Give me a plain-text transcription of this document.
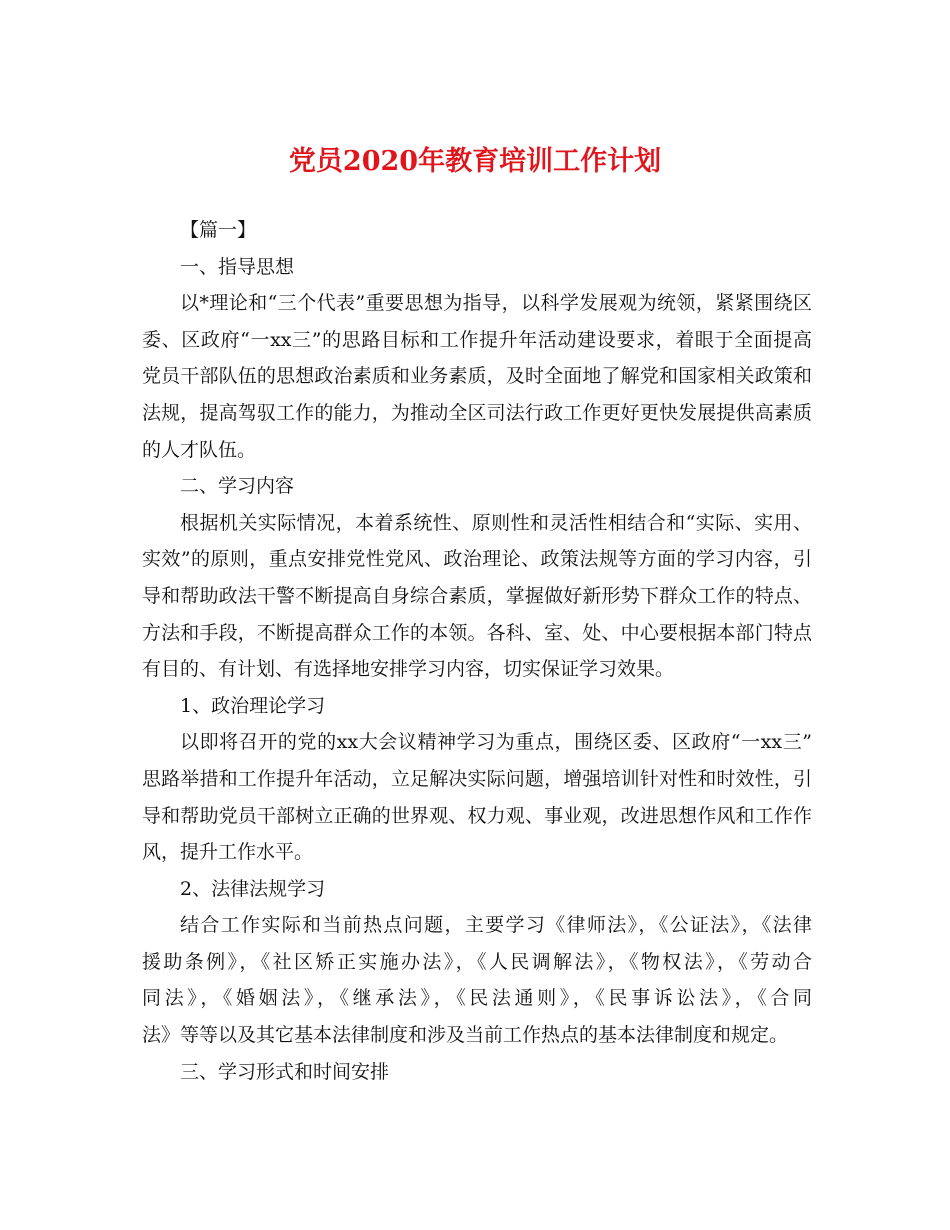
党员2020年教育培训工作计划

【篇一】

一、指导思想

以*理论和“三个代表”重要思想为指导，以科学发展观为统领，紧紧围绕区

委、区政府“一xx三”的思路目标和工作提升年活动建设要求，着眼于全面提高

党员干部队伍的思想政治素质和业务素质，及时全面地了解党和国家相关政策和

法规，提高驾驭工作的能力，为推动全区司法行政工作更好更快发展提供高素质

的人才队伍。

二、学习内容

根据机关实际情况，本着系统性、原则性和灵活性相结合和“实际、实用、

实效”的原则，重点安排党性党风、政治理论、政策法规等方面的学习内容，引

导和帮助政法干警不断提高自身综合素质，掌握做好新形势下群众工作的特点、

方法和手段，不断提高群众工作的本领。各科、室、处、中心要根据本部门特点

有目的、有计划、有选择地安排学习内容，切实保证学习效果。

1、政治理论学习

以即将召开的党的xx大会议精神学习为重点，围绕区委、区政府“一xx三”

思路举措和工作提升年活动，立足解决实际问题，增强培训针对性和时效性，引

导和帮助党员干部树立正确的世界观、权力观、事业观，改进思想作风和工作作

风，提升工作水平。

2、法律法规学习

结合工作实际和当前热点问题，主要学习《律师法》，《公证法》，《法律

援助条例》，《社区矫正实施办法》，《人民调解法》，《物权法》，《劳动合

同法》，《婚姻法》，《继承法》，《民法通则》，《民事诉讼法》，《合同

法》等等以及其它基本法律制度和涉及当前工作热点的基本法律制度和规定。

三、学习形式和时间安排
